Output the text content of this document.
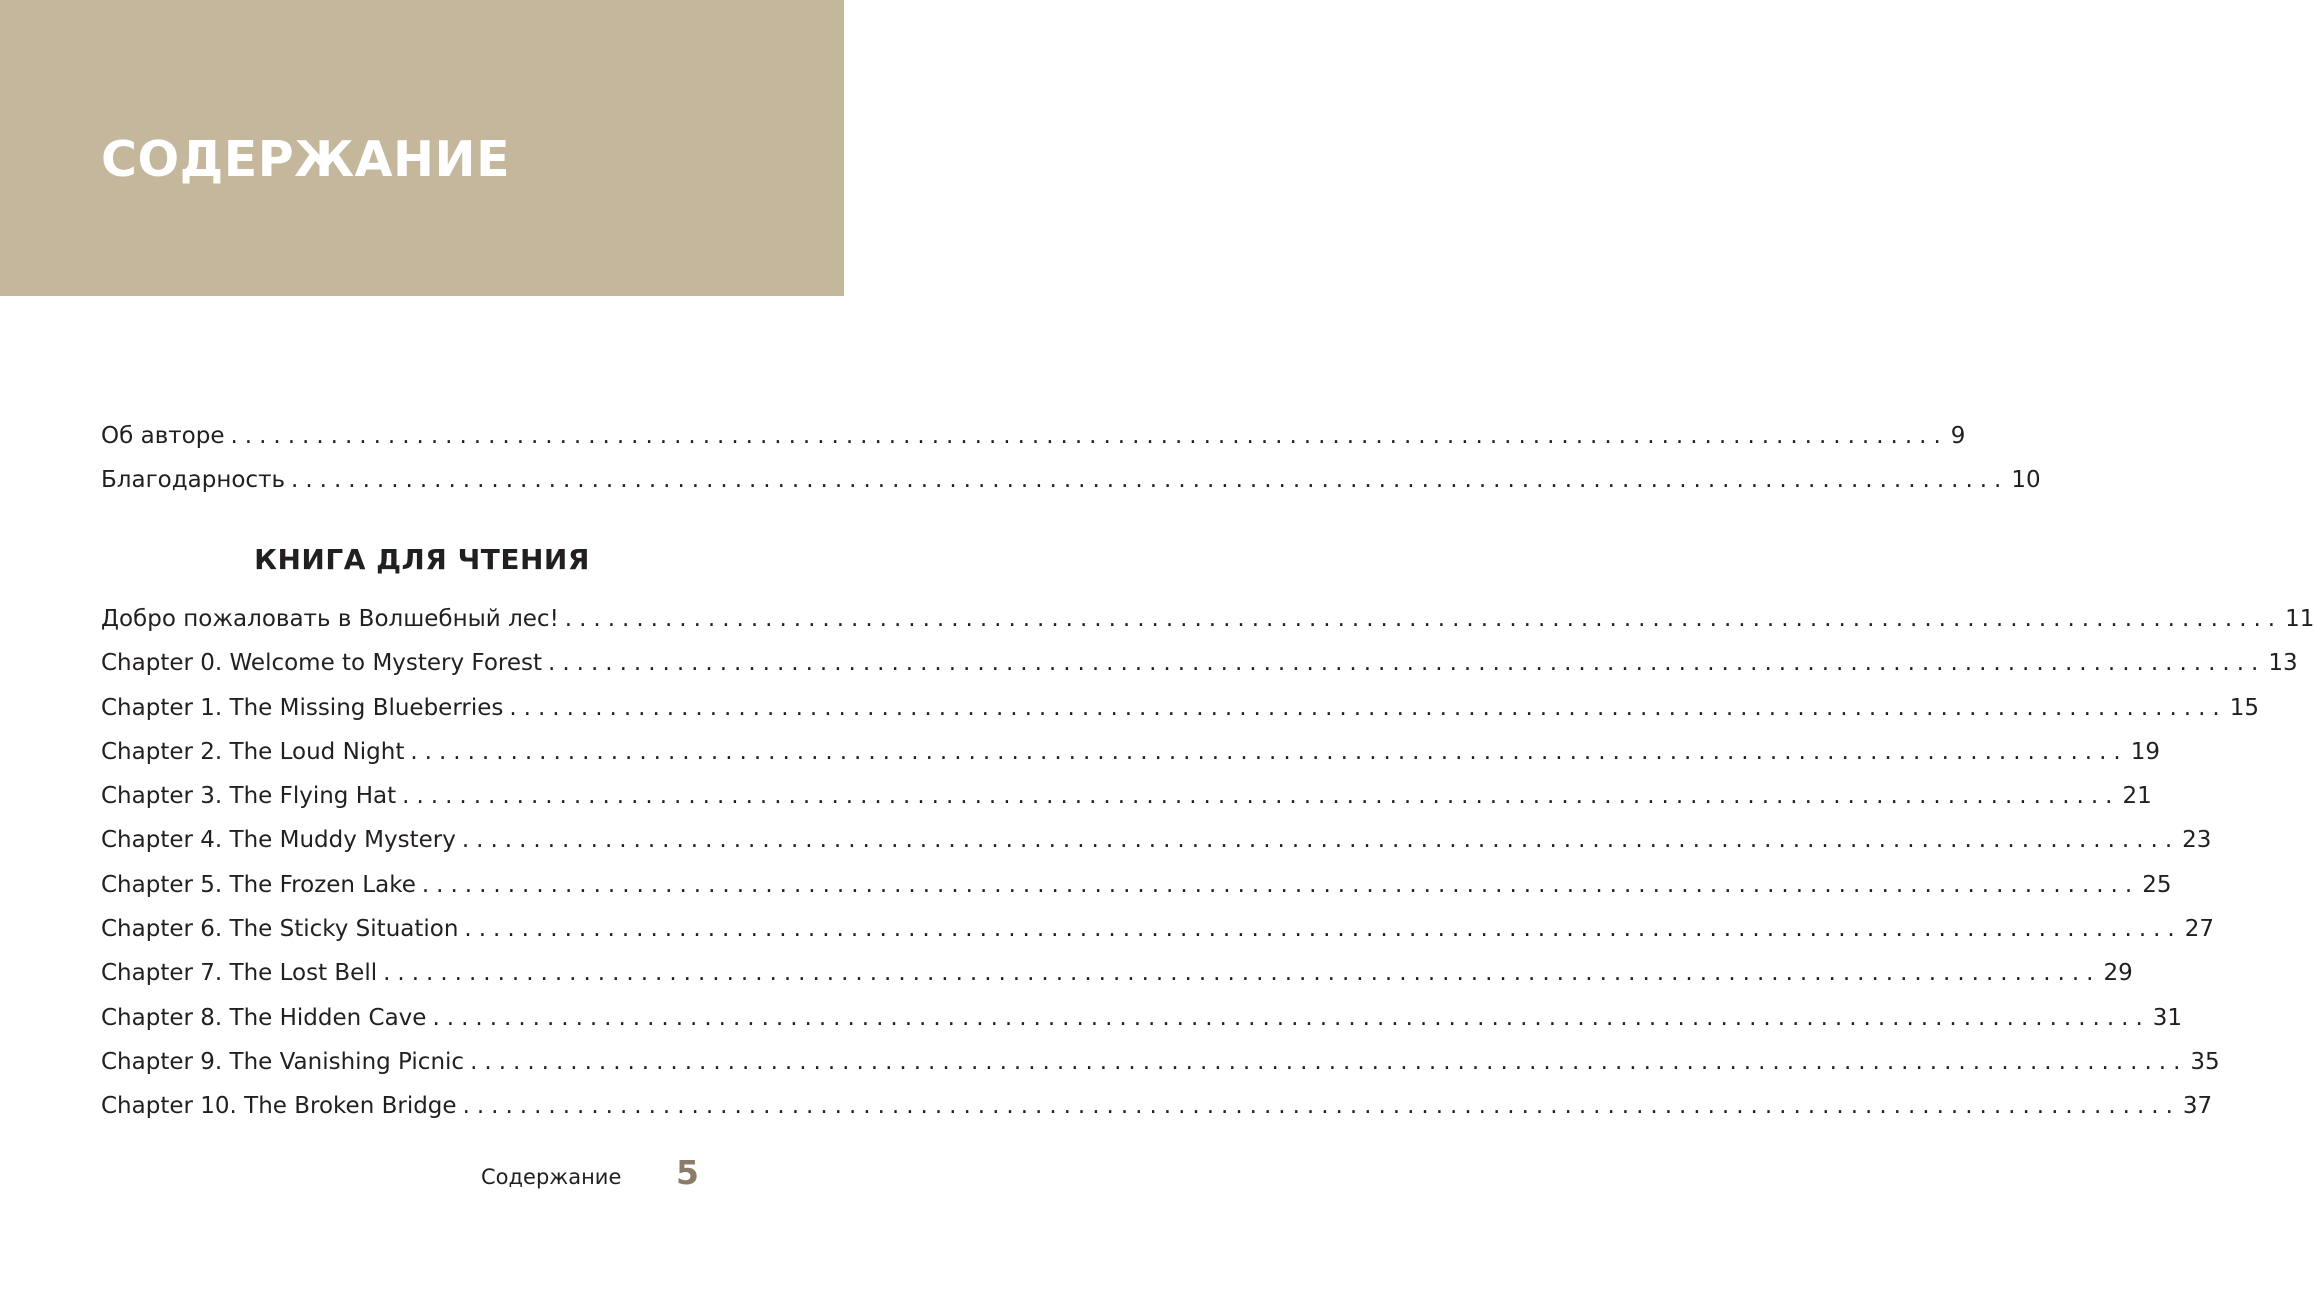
СОДЕРЖАНИЕ
Об авторе ........................................................................................................................ 9
Благодарность ........................................................................................................................ 10
КНИГА ДЛЯ ЧТЕНИЯ
Добро пожаловать в Волшебный лес! ........................................................................................................................ 11
Chapter 0. Welcome to Mystery Forest ........................................................................................................................ 13
Chapter 1. The Missing Blueberries ........................................................................................................................ 15
Chapter 2. The Loud Night ........................................................................................................................ 19
Chapter 3. The Flying Hat ........................................................................................................................ 21
Chapter 4. The Muddy Mystery ........................................................................................................................ 23
Chapter 5. The Frozen Lake ........................................................................................................................ 25
Chapter 6. The Sticky Situation ........................................................................................................................ 27
Chapter 7. The Lost Bell ........................................................................................................................ 29
Chapter 8. The Hidden Cave ........................................................................................................................ 31
Chapter 9. The Vanishing Picnic ........................................................................................................................ 35
Chapter 10. The Broken Bridge ........................................................................................................................ 37
Содержание 5
